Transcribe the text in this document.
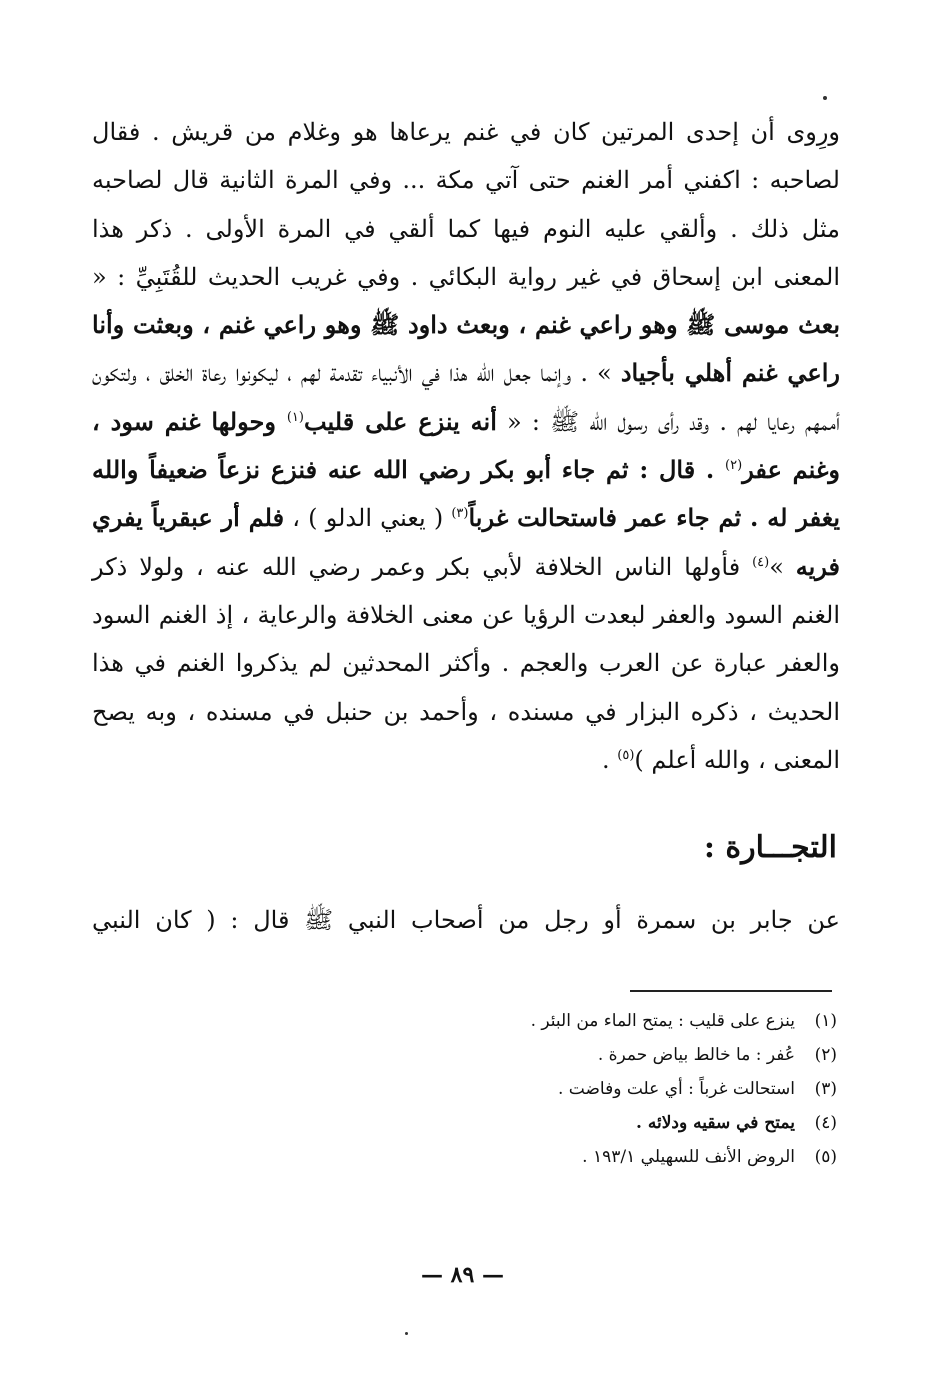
ورِوى أن إحدى المرتين كان في غنم يرعاها هو وغلام من قريش . فقال لصاحبه : اكفني أمر الغنم حتى آتي مكة ... وفي المرة الثانية قال لصاحبه مثل ذلك . وألقي عليه النوم فيها كما ألقي في المرة الأولى . ذكر هذا المعنى ابن إسحاق في غير رواية البكائي . وفي غريب الحديث للقُتَبِيِّ : « بعث موسى ﷺ وهو راعي غنم ، وبعث داود ﷺ وهو راعي غنم ، وبعثت وأنا راعي غنم أهلي بأجياد » . وإنما جعل الله هذا في الأنبياء تقدمة لهم ، ليكونوا رعاة الخلق ، ولتكون أممهم رعايا لهم . وقد رأى رسول الله ﷺ : « أنه ينزع على قليب$^{(١)}$ وحولها غنم سود ، وغنم عفر$^{(٢)}$ . قال : ثم جاء أبو بكر رضي الله عنه فنزع نزعاً ضعيفاً والله يغفر له . ثم جاء عمر فاستحالت غرباً$^{(٣)}$ ( يعني الدلو ) ، فلم أر عبقرياً يفري فريه »$^{(٤)}$ فأولها الناس الخلافة لأبي بكر وعمر رضي الله عنه ، ولولا ذكر الغنم السود والعفر لبعدت الرؤيا عن معنى الخلافة والرعاية ، إذ الغنم السود والعفر عبارة عن العرب والعجم . وأكثر المحدثين لم يذكروا الغنم في هذا الحديث ، ذكره البزار في مسنده ، وأحمد بن حنبل في مسنده ، وبه يصح المعنى ، والله أعلم )$^{(٥)}$ .

التجـــارة :
عن جابر بن سمرة أو رجل من أصحاب النبي ﷺ قال : ( كان النبي
(١)
ينزع على قليب : يمتح الماء من البئر .
(٢)
عُفر : ما خالط بياض حمرة .
(٣)
استحالت غرباً : أي علت وفاضت .
(٤)
يمتح في سقيه ودلائه .
(٥)
الروض الأنف للسهيلي ١٩٣/١ .
— ٨٩ —
